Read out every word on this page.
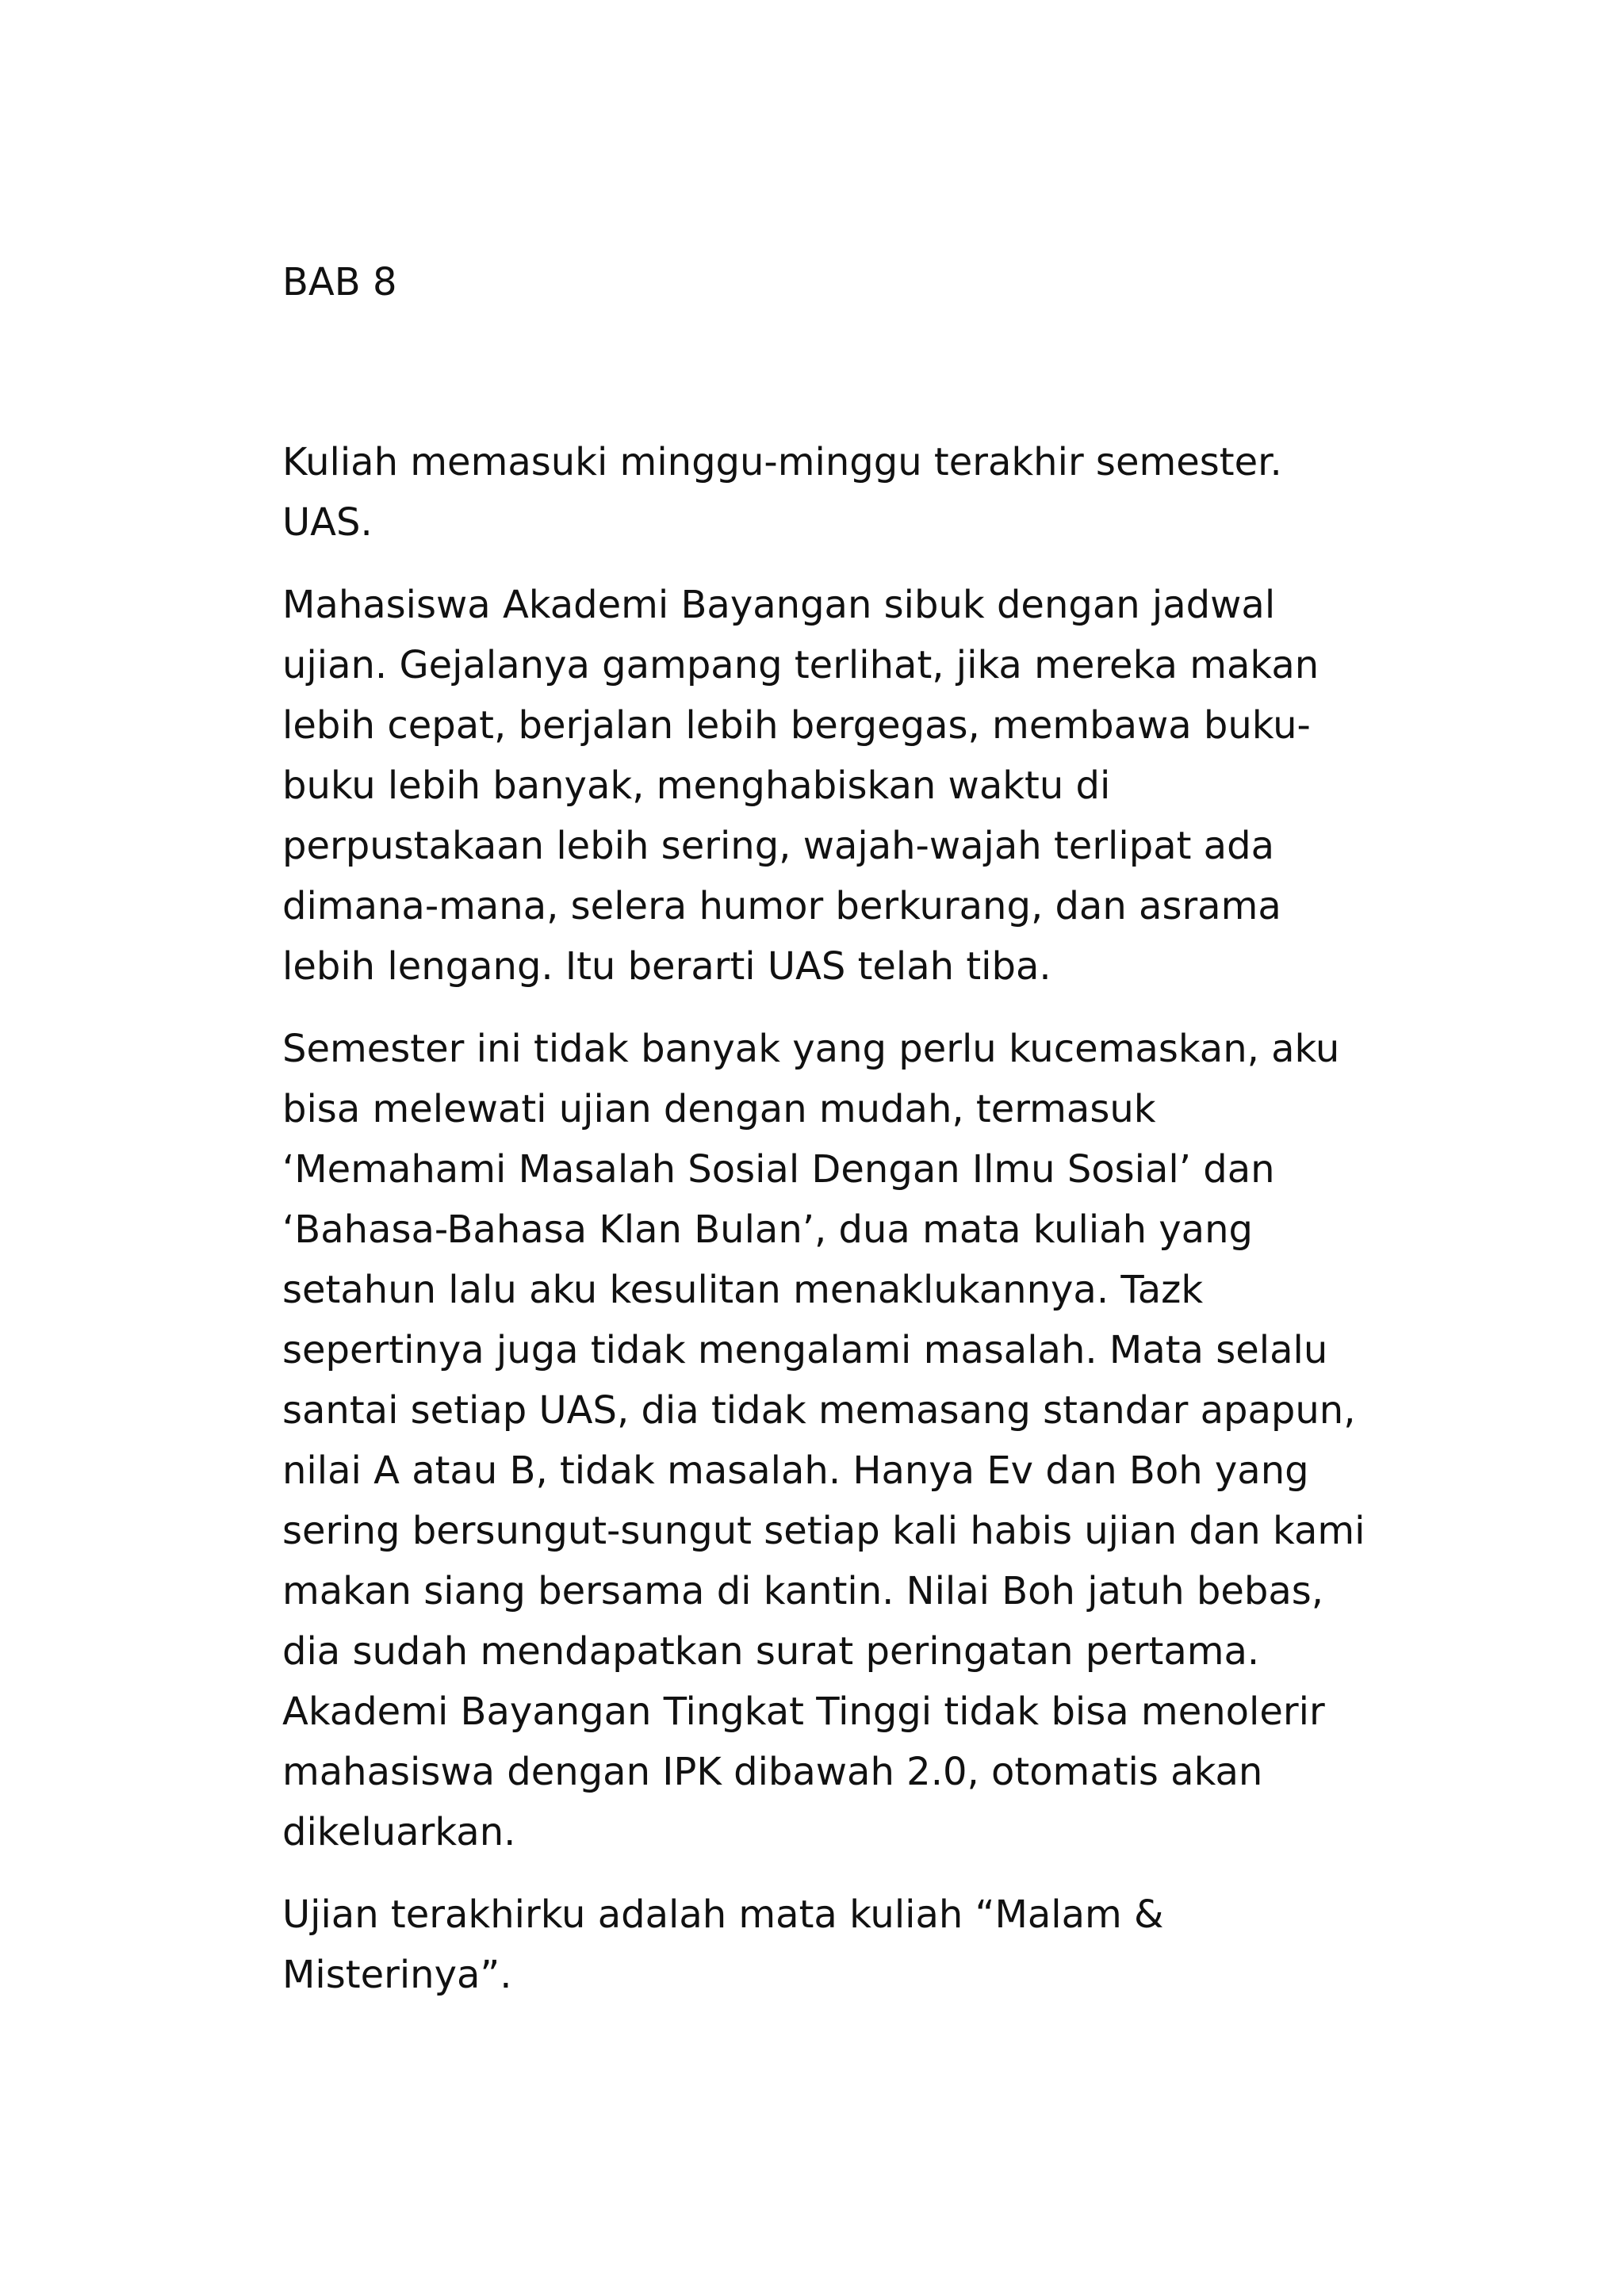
BAB 8

Kuliah memasuki minggu-minggu terakhir semester.
UAS.

Mahasiswa Akademi Bayangan sibuk dengan jadwal
ujian. Gejalanya gampang terlihat, jika mereka makan
lebih cepat, berjalan lebih bergegas, membawa buku-
buku lebih banyak, menghabiskan waktu di
perpustakaan lebih sering, wajah-wajah terlipat ada
dimana-mana, selera humor berkurang, dan asrama
lebih lengang. Itu berarti UAS telah tiba.

Semester ini tidak banyak yang perlu kucemaskan, aku
bisa melewati ujian dengan mudah, termasuk
‘Memahami Masalah Sosial Dengan Ilmu Sosial’ dan
‘Bahasa-Bahasa Klan Bulan’, dua mata kuliah yang
setahun lalu aku kesulitan menaklukannya. Tazk
sepertinya juga tidak mengalami masalah. Mata selalu
santai setiap UAS, dia tidak memasang standar apapun,
nilai A atau B, tidak masalah. Hanya Ev dan Boh yang
sering bersungut-sungut setiap kali habis ujian dan kami
makan siang bersama di kantin. Nilai Boh jatuh bebas,
dia sudah mendapatkan surat peringatan pertama.
Akademi Bayangan Tingkat Tinggi tidak bisa menolerir
mahasiswa dengan IPK dibawah 2.0, otomatis akan
dikeluarkan.

Ujian terakhirku adalah mata kuliah “Malam &
Misterinya”.
